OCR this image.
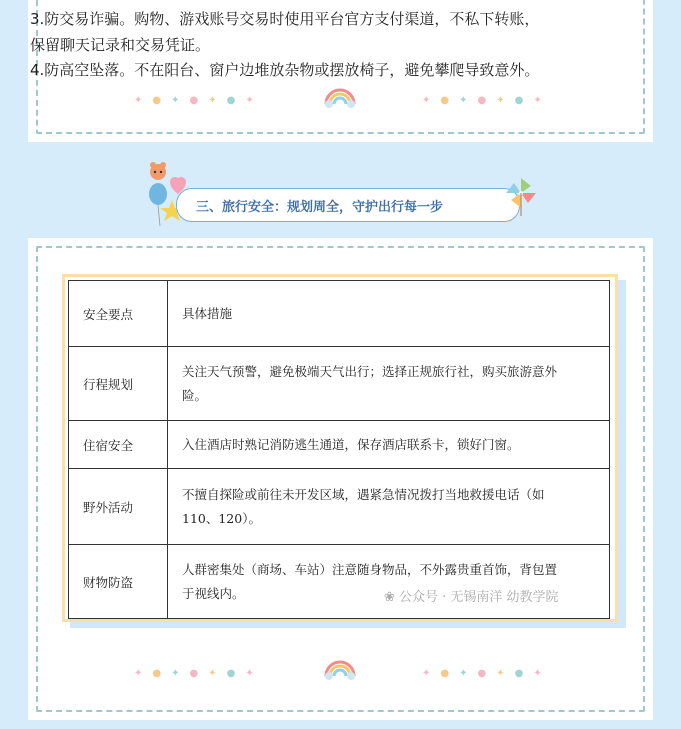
3.防交易诈骗。购物、游戏账号交易时使用平台官方支付渠道，不私下转账，
保留聊天记录和交易凭证。
4.防高空坠落。不在阳台、窗户边堆放杂物或摆放椅子，避免攀爬导致意外。
✦●✦●✦●✦	✦●✦●✦●✦
三、旅行安全：规划周全，守护出行每一步
安全要点	具体措施
行程规划	关注天气预警，避免极端天气出行；选择正规旅行社，购买旅游意外
险。

住宿安全	入住酒店时熟记消防逃生通道，保存酒店联系卡，锁好门窗。

野外活动	不擅自探险或前往未开发区域，遇紧急情况拨打当地救援电话（如
110、120）。

财物防盗	人群密集处（商场、车站）注意随身物品，不外露贵重首饰，背包置
于视线内。	❀ 公众号 · 无锡南洋 幼教学院
✦●✦●✦●✦	✦●✦●✦●✦
